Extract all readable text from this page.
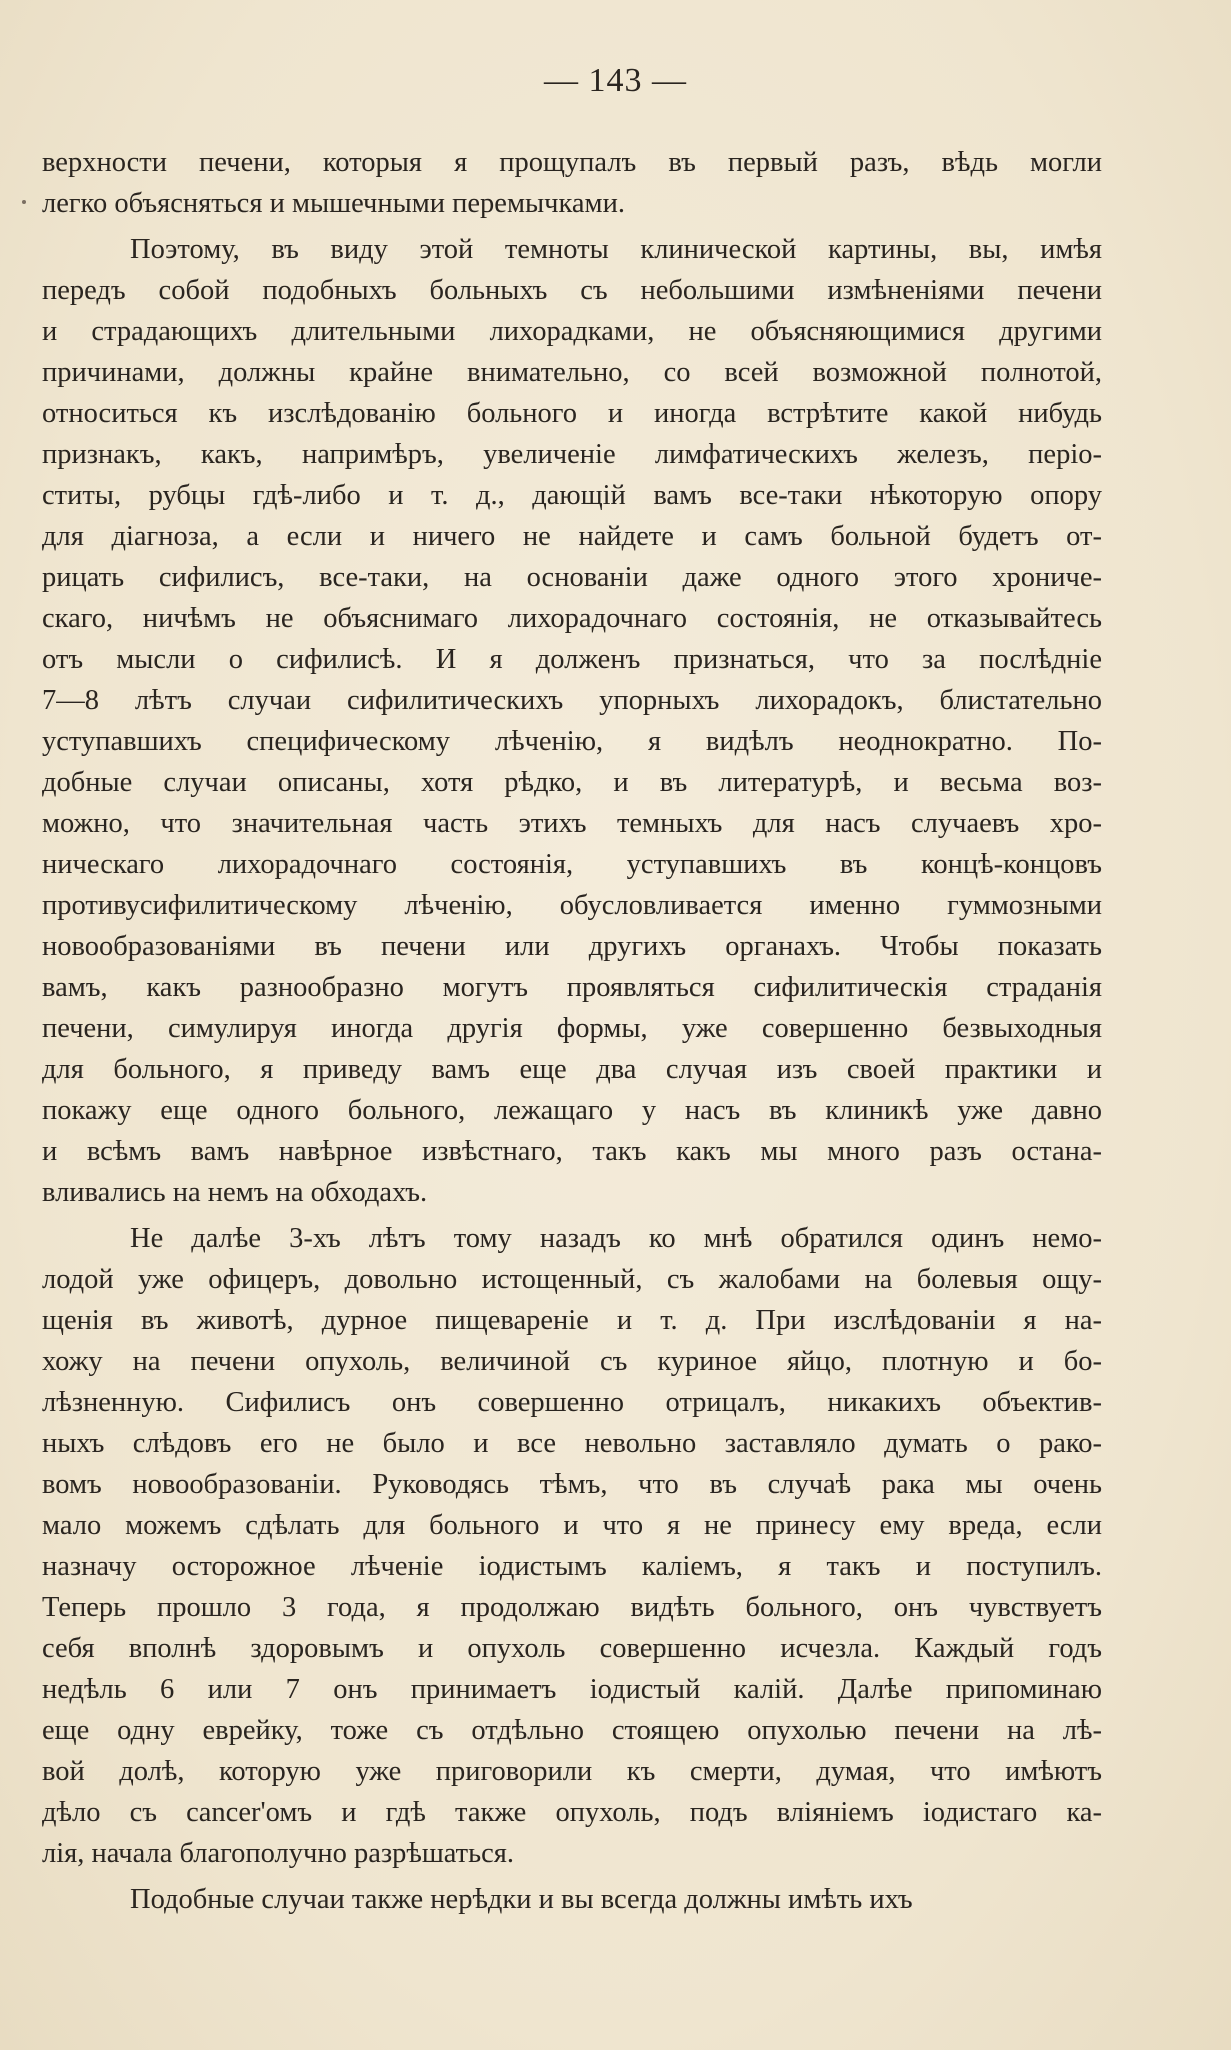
— 143 —
верхности печени, которыя я прощупалъ въ первый разъ, вѣдь могли
легко объясняться и мышечными перемычками.
Поэтому, въ виду этой темноты клинической картины, вы, имѣя
передъ собой подобныхъ больныхъ съ небольшими измѣненіями печени
и страдающихъ длительными лихорадками, не объясняющимися другими
причинами, должны крайне внимательно, со всей возможной полнотой,
относиться къ изслѣдованію больного и иногда встрѣтите какой нибудь
признакъ, какъ, напримѣръ, увеличеніе лимфатическихъ железъ, періо-
ститы, рубцы гдѣ-либо и т. д., дающій вамъ все-таки нѣкоторую опору
для діагноза, а если и ничего не найдете и самъ больной будетъ от-
рицать сифилисъ, все-таки, на основаніи даже одного этого хрониче-
скаго, ничѣмъ не объяснимаго лихорадочнаго состоянія, не отказывайтесь
отъ мысли о сифилисѣ. И я долженъ признаться, что за послѣдніе
7—8 лѣтъ случаи сифилитическихъ упорныхъ лихорадокъ, блистательно
уступавшихъ специфическому лѣченію, я видѣлъ неоднократно. По-
добные случаи описаны, хотя рѣдко, и въ литературѣ, и весьма воз-
можно, что значительная часть этихъ темныхъ для насъ случаевъ хро-
ническаго лихорадочнаго состоянія, уступавшихъ въ концѣ-концовъ
противусифилитическому лѣченію, обусловливается именно гуммозными
новообразованіями въ печени или другихъ органахъ. Чтобы показать
вамъ, какъ разнообразно могутъ проявляться сифилитическія страданія
печени, симулируя иногда другія формы, уже совершенно безвыходныя
для больного, я приведу вамъ еще два случая изъ своей практики и
покажу еще одного больного, лежащаго у насъ въ клиникѣ уже давно
и всѣмъ вамъ навѣрное извѣстнаго, такъ какъ мы много разъ остана-
вливались на немъ на обходахъ.
Не далѣе 3-хъ лѣтъ тому назадъ ко мнѣ обратился одинъ немо-
лодой уже офицеръ, довольно истощенный, съ жалобами на болевыя ощу-
щенія въ животѣ, дурное пищевареніе и т. д. При изслѣдованіи я на-
хожу на печени опухоль, величиной съ куриное яйцо, плотную и бо-
лѣзненную. Сифилисъ онъ совершенно отрицалъ, никакихъ объектив-
ныхъ слѣдовъ его не было и все невольно заставляло думать о рако-
вомъ новообразованіи. Руководясь тѣмъ, что въ случаѣ рака мы очень
мало можемъ сдѣлать для больного и что я не принесу ему вреда, если
назначу осторожное лѣченіе іодистымъ каліемъ, я такъ и поступилъ.
Теперь прошло 3 года, я продолжаю видѣть больного, онъ чувствуетъ
себя вполнѣ здоровымъ и опухоль совершенно исчезла. Каждый годъ
недѣль 6 или 7 онъ принимаетъ іодистый калій. Далѣе припоминаю
еще одну еврейку, тоже съ отдѣльно стоящею опухолью печени на лѣ-
вой долѣ, которую уже приговорили къ смерти, думая, что имѣютъ
дѣло съ cancer'омъ и гдѣ также опухоль, подъ вліяніемъ іодистаго ка-
лія, начала благополучно разрѣшаться.
Подобные случаи также нерѣдки и вы всегда должны имѣть ихъ
